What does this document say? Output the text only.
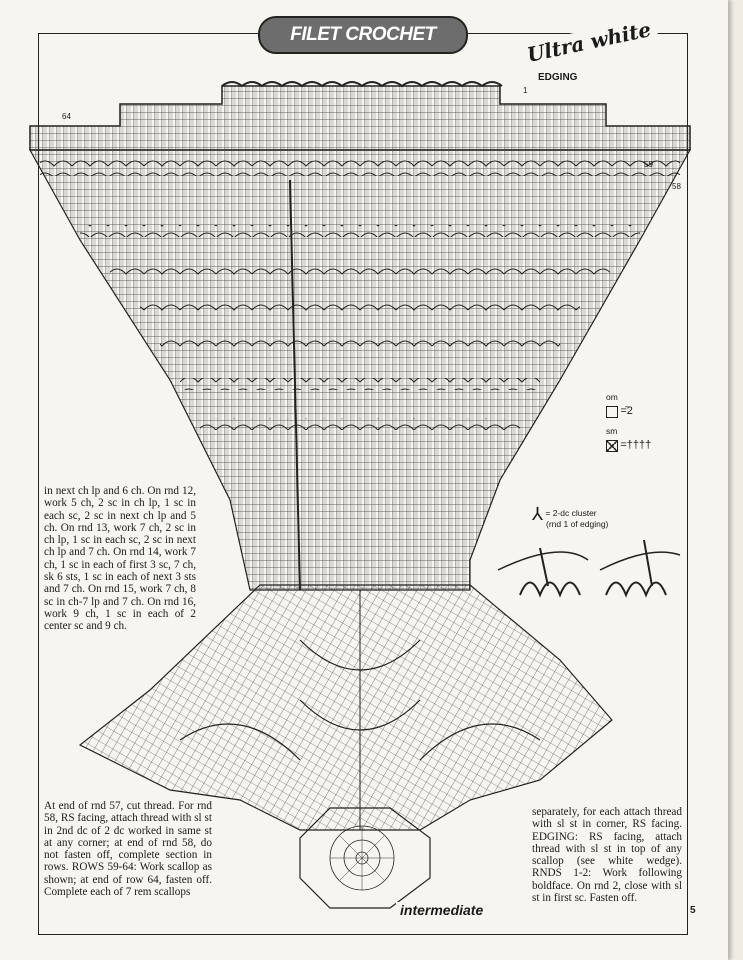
FILET CROCHET	Ultra white
EDGING
1
58
59
64
om
=̄2
sm
=††††
⅄ = 2-dc cluster
(rnd 1 of edging)
in next ch lp and 6 ch. On rnd 12, work 5 ch, 2 sc in ch lp, 1 sc in each sc, 2 sc in next ch lp and 5 ch. On rnd 13, work 7 ch, 2 sc in ch lp, 1 sc in each sc, 2 sc in next ch lp and 7 ch. On rnd 14, work 7 ch, 1 sc in each of first 3 sc, 7 ch, sk 6 sts, 1 sc in each of next 3 sts and 7 ch. On rnd 15, work 7 ch, 8 sc in ch-7 lp and 7 ch. On rnd 16, work 9 ch, 1 sc in each of 2 center sc and 9 ch.
At end of rnd 57, cut thread. For rnd 58, RS facing, attach thread with sl st in 2nd dc of 2 dc worked in same st at any corner; at end of rnd 58, do not fasten off, complete section in rows. ROWS 59-64: Work scallop as shown; at end of row 64, fasten off. Complete each of 7 rem scallops
separately, for each attach thread with sl st in corner, RS facing. EDGING: RS facing, attach thread with sl st in top of any scallop (see white wedge). RNDS 1-2: Work following boldface. On rnd 2, close with sl st in first sc. Fasten off.
intermediate	5
